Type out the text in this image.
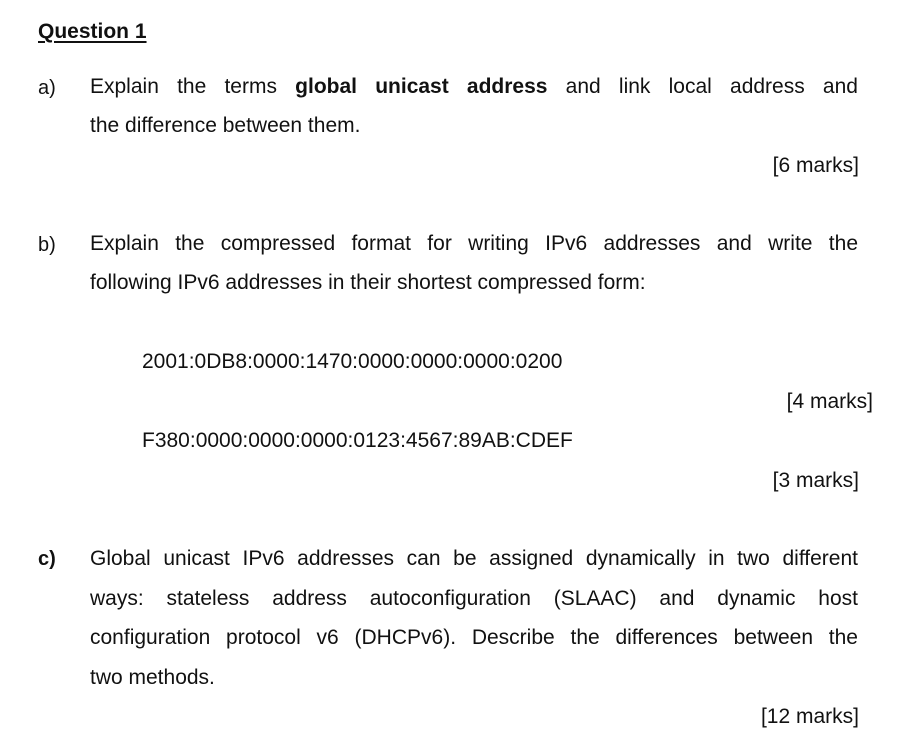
Question 1
a) Explain the terms global unicast address and link local address and
the difference between them.
[6 marks]
b) Explain the compressed format for writing IPv6 addresses and write the
following IPv6 addresses in their shortest compressed form:
2001:0DB8:0000:1470:0000:0000:0000:0200
[4 marks]
F380:0000:0000:0000:0123:4567:89AB:CDEF
[3 marks]
c) Global unicast IPv6 addresses can be assigned dynamically in two different
ways: stateless address autoconfiguration (SLAAC) and dynamic host
configuration protocol v6 (DHCPv6). Describe the differences between the
two methods.
[12 marks]
